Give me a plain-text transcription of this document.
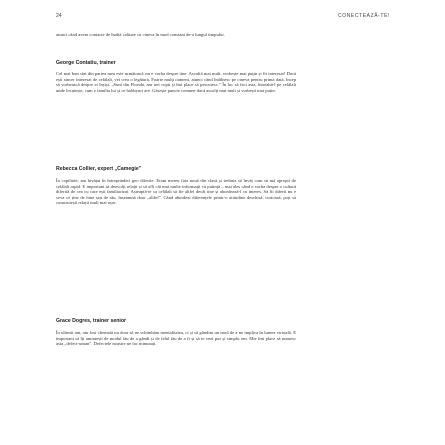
24	CONECTEAZĂ-TE!

atunci când avem contacte de înaltă calitate cu cineva în mod constant de-a lungul timpului.

George Contatiu, trainer

Cel mai bun sfat din partea mea este următorul: nu e vorba despre tine. Ascultă mai mult, vorbește mai puțin și fii interesat! Dacă ești sincer interesat de celălalt, vei crea o legătură. Foarte mulți oameni, atunci când întâlnesc pe cineva pentru prima dată, încep să vorbească despre ei înșiși. „Sunt din Florida, am trei copii și îmi place să pescuiesc.” În loc să faci asta, întreabă-l pe celălalt unde locuiește, cum e familia lui și ce hobbyuri are. Găsește puncte comune dacă asculți mai mult și vorbești mai puțin.

Rebecca Collier, expert „Camegie”

În copilărie, am învățat în întreprinderi geo diferite. Eram mereu fata nouă din clasă și trebuia să învăț cum să mă apropii de celălalt rapid. E important să dezvolți relații și să afli cât mai multe informații cu putință – mai ales când e vorba despre o cultură diferită de cea cu care ești familiarizat. Așteaptă-te ca celălalt să fie altfel decât tine și abordează-l cu interes. Să fii diferit nu e ceva ce ține de bine sau de rău, înseamnă doar „altfel”. Când abordezi diferențele printr-o atitudine deschisă, curioasă, poți să construiești relații mult mai ușor.

Grace Dogres, trainer senior

În ultimii ani, am fost chemată nu doar să ne schimbăm mentalitatea, ci și să gândim un mod de a ne implica în lumea virtuală. E important să îți amintești de modul tău de a gândi și de felul tău de a fi și să te vezi pur și simplu om. Mie îmi place să numesc asta „defect-uman”. Defectele noastre ne fac minunați.
